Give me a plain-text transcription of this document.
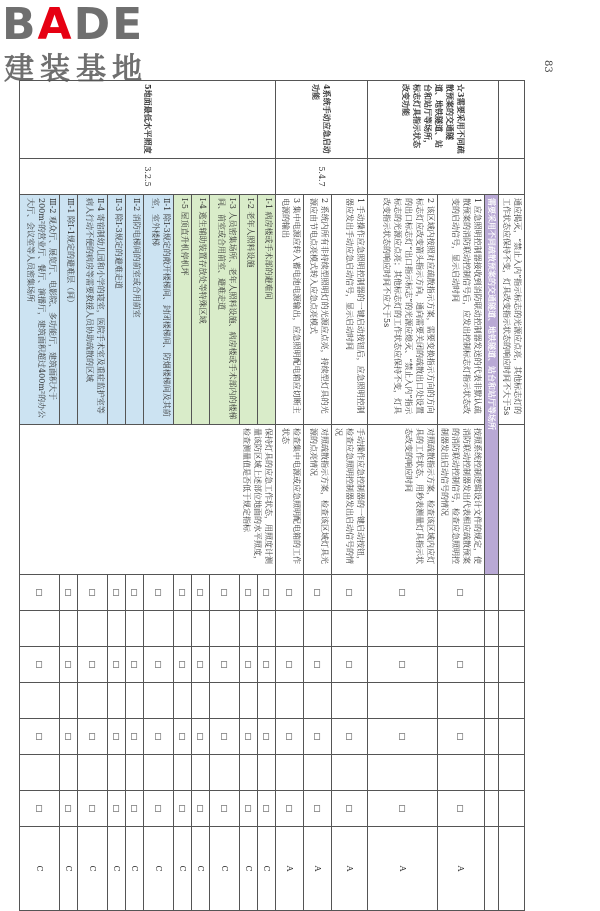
BADE
建装基地	83
		通应揭灭，“禁止入内”指示标志的光源应点亮，其他标志灯的工作状态应保持不变，灯具改变指示状态的响应时间不大于5s									
☆3需要采用不同疏散预案的交通隧道、地铁隧道、站台和站厅等场所，标志灯具指示状态改变功能		需要采用不同疏散预案的交通隧道、地铁隧道、站台和站厅等场所									
		1 应急照明控制器接收到消防联动控制器发送的代表非默认疏散预案的消防联动控制信号后，应发出控制标志灯指示状态改变的启动信号，显示启动时间	按照系统控制逻辑设计文件的规定，使消防联动控制器发出代表相应疏散预案的消防联动控制信号，检查应急照明控制器发出启动信号的情况	□		□		□		□	A
		2 该区域内按照对应疏散指示方案，需要变换指示方向的方向标志灯应改变箭头指示方向，通向需要关闭的疏散出口处设置的出口标志灯“出口指示标志”的光源应熄灭、“禁止入内”指示标志的光源应点亮；其他标志灯的工作状态应保持不变，灯具改变指示状态的响应时间不应大于5s	对照疏散指示方案，检查该区域内应灯具的工作状态，用秒表测量灯具指示状态改变的响应时间	□		□		□		□	A
4系统手动应急启动功能	5.4.7	1 手动操作应急照明控制器的一键启动按钮后，应急照明控制器应发出手动应急启动信号，显示启动时间	手动操作应急控制器的一键启动按钮，检查应急照明控制器发出启动信号的情况	□		□		□		□	A
		2 系统内所有非持续型照明灯的光源应点亮，持续型灯具的光源应由节电点亮模式转入应急点亮模式	对照疏散指示方案，检查该区域灯具光源的点亮情况	□		□		□		□	A
		3 集中电源应转入蓄电池电源输出，应急照明配电箱应切断主电源的输出	检查集中电源或应急照明配电箱的工作状态	□		□		□		□	A
5地面最低水平照度	3.2.5	Ⅰ-1 病房楼或手术部的避难间	保持灯具的应急工作状态，用照度计测量该防区域上述部位地面的水平照度，检查测量值是否低于规定指标	□		□		□		□	C
		Ⅰ-2 老年人照料设施		□		□		□		□	C
		Ⅰ-3 人员密集场所、老年人照料设施、病房楼或手术部内的楼梯间、前室或合用前室、避难走道		□		□		□		□	C
		Ⅰ-4 逃生辅助装置存放处等特殊区域		□		□		□		□	C
		Ⅰ-5 屋顶直升机停机坪		□		□		□		□	C
		Ⅱ-1 除Ⅰ-3规定的敞开楼梯间、封闭楼梯间、防烟楼梯间及其前室，室外楼梯		□		□		□		□	C
		Ⅱ-2 消防电梯间的前室或合用前室		□		□		□		□	C
		Ⅱ-3 除Ⅰ-3规定的避难走道		□		□		□		□	C
		Ⅱ-4 寄宿制幼儿园和小学的寝室，医院手术室及重症监护室等病人行动不便的病房等需要救援人员协助疏散的区域		□		□		□		□	C
		Ⅲ-1 除Ⅰ-1规定的避难层（间）		□		□		□		□	C
		Ⅲ-2 观众厅、展览厅、电影院、多功能厅，建筑面积大于200m²的营业厅、餐厅、演播厅，建筑面积超过400m²的办公大厅、会议室等人员密集场所		□		□		□		□	C
